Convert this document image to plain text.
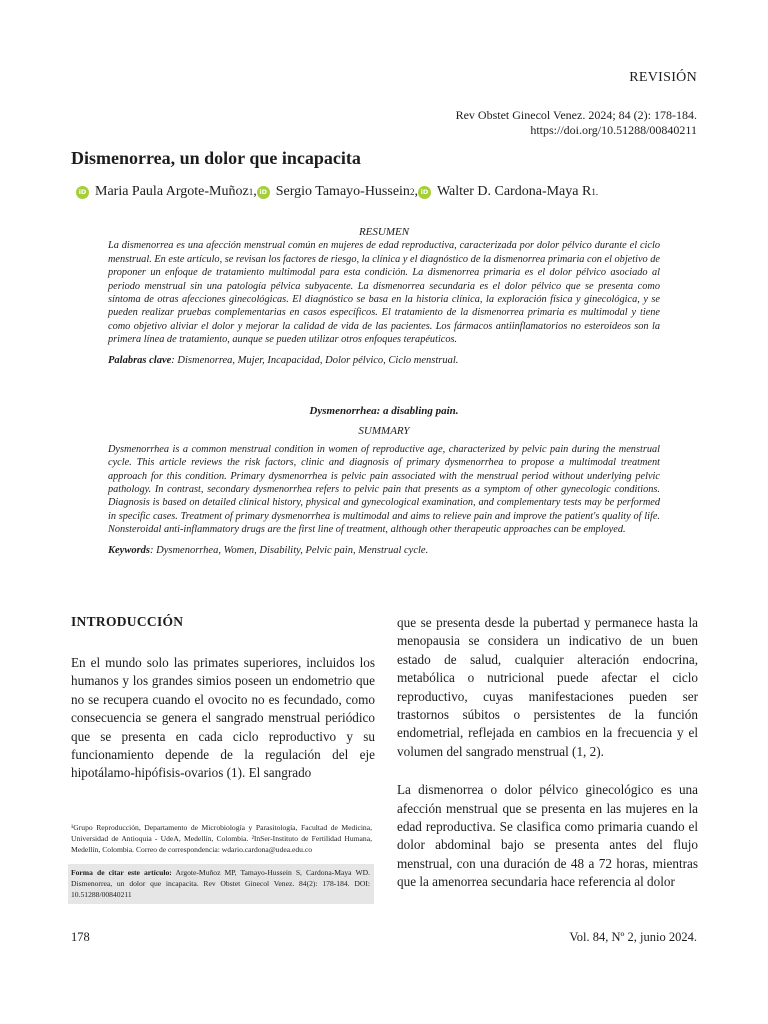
REVISIÓN
Rev Obstet Ginecol Venez. 2024; 84 (2): 178-184.
https://doi.org/10.51288/00840211
Dismenorrea, un dolor que incapacita
iD Maria Paula Argote-Muñoz 1 , iD Sergio Tamayo-Hussein 2 , iD Walter D. Cardona-Maya R 1.

RESUMEN

La dismenorrea es una afección menstrual común en mujeres de edad reproductiva, caracterizada por dolor pélvico durante el ciclo menstrual. En este artículo, se revisan los factores de riesgo, la clínica y el diagnóstico de la dismenorrea primaria con el objetivo de proponer un enfoque de tratamiento multimodal para esta condición. La dismenorrea primaria es el dolor pélvico asociado al periodo menstrual sin una patología pélvica subyacente. La dismenorrea secundaria es el dolor pélvico que se presenta como síntoma de otras afecciones ginecológicas. El diagnóstico se basa en la historia clínica, la exploración física y ginecológica, y se pueden realizar pruebas complementarias en casos específicos. El tratamiento de la dismenorrea primaria es multimodal y tiene como objetivo aliviar el dolor y mejorar la calidad de vida de las pacientes. Los fármacos antiinflamatorios no esteroideos son la primera línea de tratamiento, aunque se pueden utilizar otros enfoques terapéuticos.

Palabras clave: Dismenorrea, Mujer, Incapacidad, Dolor pélvico, Ciclo menstrual.

Dysmenorrhea: a disabling pain.

SUMMARY

Dysmenorrhea is a common menstrual condition in women of reproductive age, characterized by pelvic pain during the menstrual cycle. This article reviews the risk factors, clinic and diagnosis of primary dysmenorrhea to propose a multimodal treatment approach for this condition. Primary dysmenorrhea is pelvic pain associated with the menstrual period without underlying pelvic pathology. In contrast, secondary dysmenorrhea refers to pelvic pain that presents as a symptom of other gynecologic conditions. Diagnosis is based on detailed clinical history, physical and gynecological examination, and complementary tests may be performed in specific cases. Treatment of primary dysmenorrhea is multimodal and aims to relieve pain and improve the patient's quality of life. Nonsteroidal anti-inflammatory drugs are the first line of treatment, although other therapeutic approaches can be employed.

Keywords: Dysmenorrhea, Women, Disability, Pelvic pain, Menstrual cycle.

INTRODUCCIÓN

En el mundo solo las primates superiores, incluidos los humanos y los grandes simios poseen un endometrio que no se recupera cuando el ovocito no es fecundado, como consecuencia se genera el sangrado menstrual periódico que se presenta en cada ciclo reproductivo y su funcionamiento depende de la regulación del eje hipotálamo-hipófisis-ovarios (1). El sangrado

que se presenta desde la pubertad y permanece hasta la menopausia se considera un indicativo de un buen estado de salud, cualquier alteración endocrina, metabólica o nutricional puede afectar el ciclo reproductivo, cuyas manifestaciones pueden ser trastornos súbitos o persistentes de la función endometrial, reflejada en cambios en la frecuencia y el volumen del sangrado menstrual (1, 2).

La dismenorrea o dolor pélvico ginecológico es una afección menstrual que se presenta en las mujeres en la edad reproductiva. Se clasifica como primaria cuando el dolor abdominal bajo se presenta antes del flujo menstrual, con una duración de 48 a 72 horas, mientras que la amenorrea secundaria hace referencia al dolor

¹Grupo Reproducción, Departamento de Microbiología y Parasitología, Facultad de Medicina, Universidad de Antioquia - UdeA, Medellín, Colombia. ²InSer-Instituto de Fertilidad Humana, Medellín, Colombia. Correo de correspondencia: wdario.cardona@udea.edu.co
Forma de citar este artículo: Argote-Muñoz MP, Tamayo-Hussein S, Cardona-Maya WD. Dismenorrea, un dolor que incapacita. Rev Obstet Ginecol Venez. 84(2): 178-184. DOI: 10.51288/00840211
178	Vol. 84, Nº 2, junio 2024.
